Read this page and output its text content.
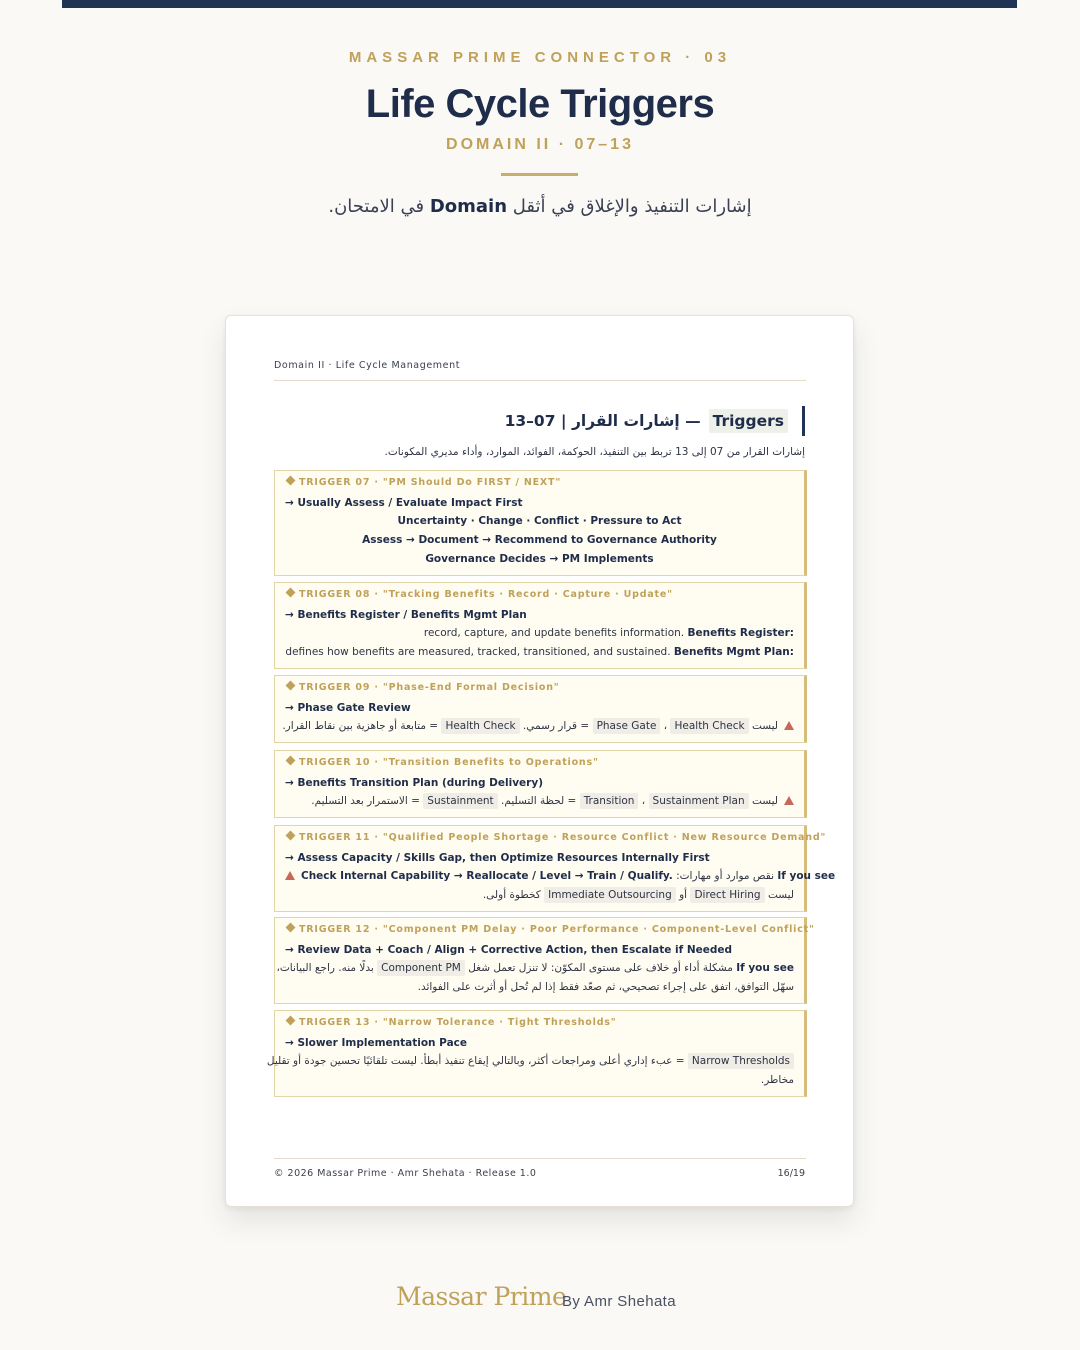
MASSAR PRIME CONNECTOR · 03
Life Cycle Triggers
DOMAIN II · 07–13
إشارات التنفيذ والإغلاق في أثقل Domain في الامتحان.
Domain II · Life Cycle Management
— إشارات القرار | 07–13 Triggers
إشارات القرار من 07 إلى 13 تربط بين التنفيذ، الحوكمة، الفوائد، الموارد، وأداء مديري المكونات.
TRIGGER 07 · "PM Should Do FIRST / NEXT"
→ Usually Assess / Evaluate Impact First
Uncertainty · Change · Conflict · Pressure to Act
Assess → Document → Recommend to Governance Authority
Governance Decides → PM Implements
TRIGGER 08 · "Tracking Benefits · Record · Capture · Update"
→ Benefits Register / Benefits Mgmt Plan
record, capture, and update benefits information. Benefits Register:
defines how benefits are measured, tracked, transitioned, and sustained. Benefits Mgmt Plan:
TRIGGER 09 · "Phase-End Formal Decision"
→ Phase Gate Review
ليست Health Check ، Phase Gate = قرار رسمي. Health Check = متابعة أو جاهزية بين نقاط القرار.
TRIGGER 10 · "Transition Benefits to Operations"
→ Benefits Transition Plan (during Delivery)
ليست Sustainment Plan ، Transition = لحظة التسليم. Sustainment = الاستمرار بعد التسليم.
TRIGGER 11 · "Qualified People Shortage · Resource Conflict · New Resource Demand"
→ Assess Capacity / Skills Gap, then Optimize Resources Internally First
Check Internal Capability → Reallocate / Level → Train / Qualify. نقص موارد أو مهارات: If you see
ليست Direct Hiring أو Immediate Outsourcing كخطوة أولى.
TRIGGER 12 · "Component PM Delay · Poor Performance · Component-Level Conflict"
→ Review Data + Coach / Align + Corrective Action, then Escalate if Needed
If you see مشكلة أداء أو خلاف على مستوى المكوّن: لا تنزل تعمل شغل Component PM بدلًا منه. راجع البيانات،
سهّل التوافق، اتفق على إجراء تصحيحي، ثم صعّد فقط إذا لم تُحل أو أثرت على الفوائد.
TRIGGER 13 · "Narrow Tolerance · Tight Thresholds"
→ Slower Implementation Pace
Narrow Thresholds = عبء إداري أعلى ومراجعات أكثر، وبالتالي إيقاع تنفيذ أبطأ. ليست تلقائيًا تحسين جودة أو تقليل
مخاطر.
© 2026 Massar Prime · Amr Shehata · Release 1.0	16/19
Massar Prime
By Amr Shehata
